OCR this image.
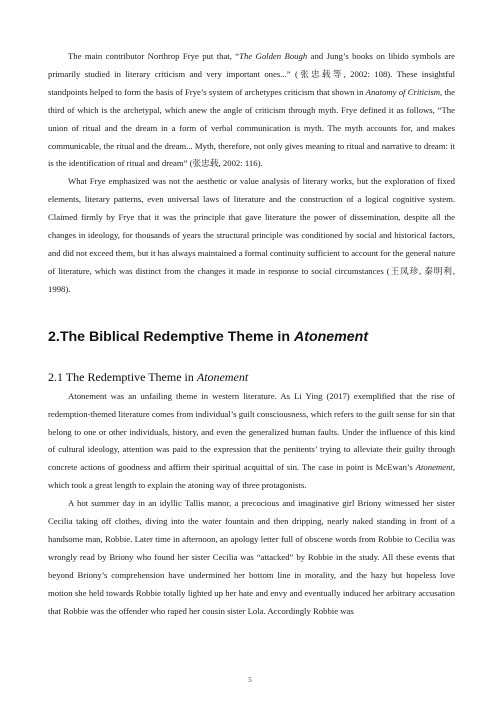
The main contributor Northrop Frye put that, “The Golden Bough and Jung’s books on libido symbols are primarily studied in literary criticism and very important ones...” (张忠载等, 2002: 108). These insightful standpoints helped to form the basis of Frye’s system of archetypes criticism that shown in Anatomy of Criticism, the third of which is the archetypal, which anew the angle of criticism through myth. Frye defined it as follows, “The union of ritual and the dream in a form of verbal communication is myth. The myth accounts for, and makes communicable, the ritual and the dream... Myth, therefore, not only gives meaning to ritual and narrative to dream: it is the identification of ritual and dream” (张忠载, 2002: 116).

What Frye emphasized was not the aesthetic or value analysis of literary works, but the exploration of fixed elements, literary patterns, even universal laws of literature and the construction of a logical cognitive system. Claimed firmly by Frye that it was the principle that gave literature the power of dissemination, despite all the changes in ideology, for thousands of years the structural principle was conditioned by social and historical factors, and did not exceed them, but it has always maintained a formal continuity sufficient to account for the general nature of literature, which was distinct from the changes it made in response to social circumstances (王凤珍, 秦明利, 1998).

2.The Biblical Redemptive Theme in Atonement
2.1 The Redemptive Theme in Atonement

Atonement was an unfailing theme in western literature. As Li Ying (2017) exemplified that the rise of redemption-themed literature comes from individual’s guilt consciousness, which refers to the guilt sense for sin that belong to one or other individuals, history, and even the generalized human faults. Under the influence of this kind of cultural ideology, attention was paid to the expression that the penitents’ trying to alleviate their guilty through concrete actions of goodness and affirm their spiritual acquittal of sin. The case in point is McEwan’s Atonement, which took a great length to explain the atoning way of three protagonists.

A hot summer day in an idyllic Tallis manor, a precocious and imaginative girl Briony witnessed her sister Cecilia taking off clothes, diving into the water fountain and then dripping, nearly naked standing in front of a handsome man, Robbie. Later time in afternoon, an apology letter full of obscene words from Robbie to Cecilia was wrongly read by Briony who found her sister Cecilia was “attacked” by Robbie in the study. All these events that beyond Briony’s comprehension have undermined her bottom line in morality, and the hazy but hopeless love motion she held towards Robbie totally lighted up her hate and envy and eventually induced her arbitrary accusation that Robbie was the offender who raped her cousin sister Lola. Accordingly Robbie was

5
